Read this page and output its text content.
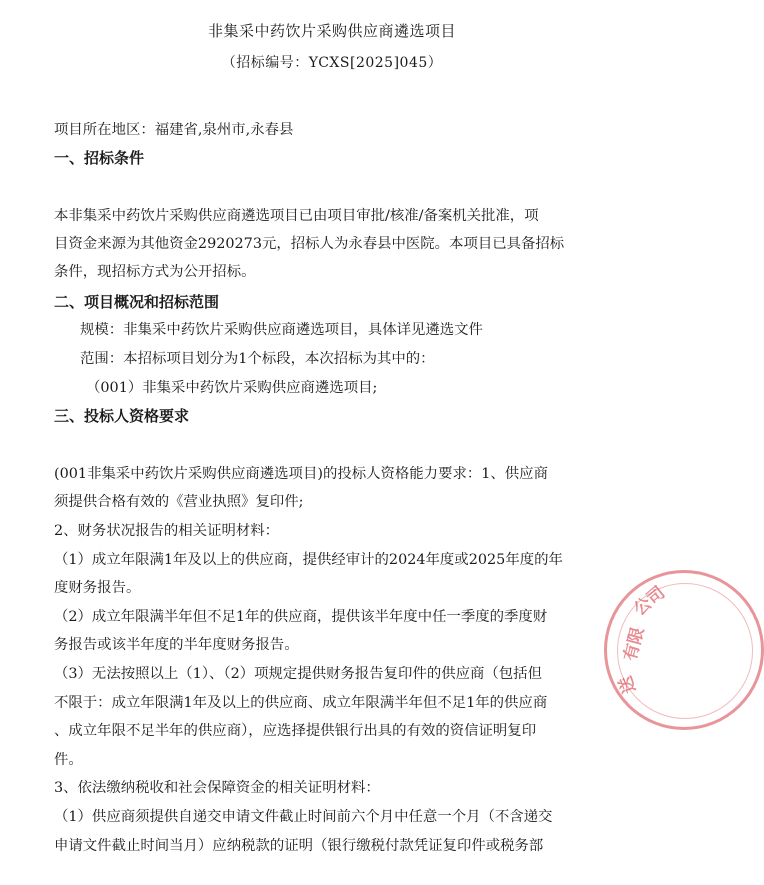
非集采中药饮片采购供应商遴选项目
（招标编号：YCXS[2025]045）
项目所在地区：福建省,泉州市,永春县
一、招标条件
本非集采中药饮片采购供应商遴选项目已由项目审批/核准/备案机关批准，项
目资金来源为其他资金2920273元，招标人为永春县中医院。本项目已具备招标
条件，现招标方式为公开招标。
二、项目概况和招标范围
规模：非集采中药饮片采购供应商遴选项目，具体详见遴选文件
范围：本招标项目划分为1个标段，本次招标为其中的：
（001）非集采中药饮片采购供应商遴选项目;
三、投标人资格要求
(001非集采中药饮片采购供应商遴选项目)的投标人资格能力要求：1、供应商
须提供合格有效的《营业执照》复印件;
2、财务状况报告的相关证明材料：
（1）成立年限满1年及以上的供应商，提供经审计的2024年度或2025年度的年
度财务报告。
（2）成立年限满半年但不足1年的供应商，提供该半年度中任一季度的季度财
务报告或该半年度的半年度财务报告。
（3）无法按照以上（1）、（2）项规定提供财务报告复印件的供应商（包括但
不限于：成立年限满1年及以上的供应商、成立年限满半年但不足1年的供应商
、成立年限不足半年的供应商），应选择提供银行出具的有效的资信证明复印
件。
3、依法缴纳税收和社会保障资金的相关证明材料：
（1）供应商须提供自递交申请文件截止时间前六个月中任意一个月（不含递交
申请文件截止时间当月）应纳税款的证明（银行缴税付款凭证复印件或税务部
公司
有限
送
